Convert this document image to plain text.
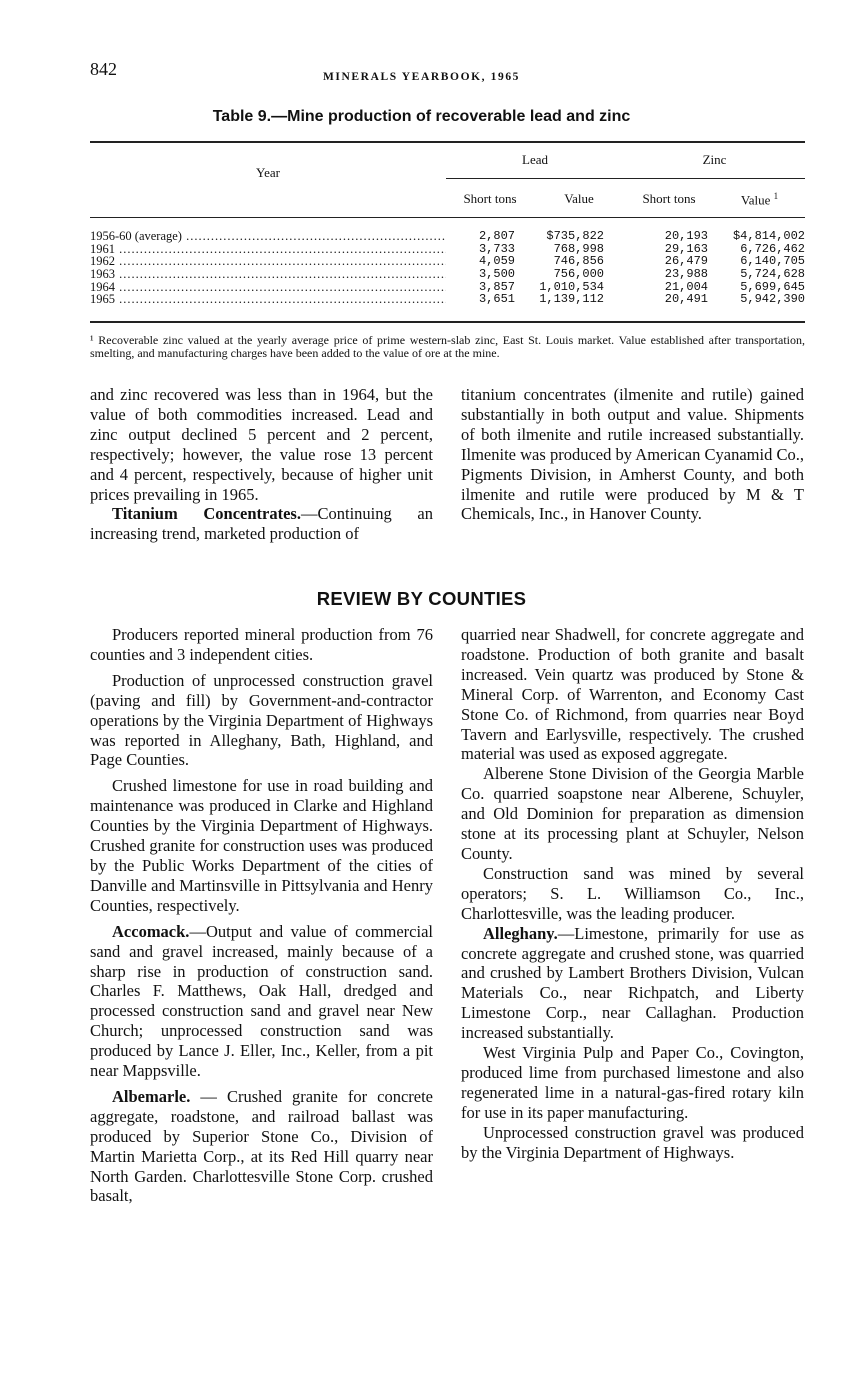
842	MINERALS YEARBOOK, 1965
Table 9.—Mine production of recoverable lead and zinc
Year
Lead	Zinc
Short tons	Value	Short tons	Value $^1$
1956-60 (average) .....	2,807	$735,822	20,193	$4,814,002
1961 .....	3,733	768,998	29,163	6,726,462
1962 .....	4,059	746,856	26,479	6,140,705
1963 .....	3,500	756,000	23,988	5,724,628
1964 .....	3,857	1,010,534	21,004	5,699,645
1965 .....	3,651	1,139,112	20,491	5,942,390
¹ Recoverable zinc valued at the yearly average price of prime western-slab zinc, East St. Louis market. Value established after transportation, smelting, and manufacturing charges have been added to the value of ore at the mine.

and zinc recovered was less than in 1964, but the value of both commodities increased. Lead and zinc output declined 5 percent and 2 percent, respectively; however, the value rose 13 percent and 4 percent, respectively, because of higher unit prices prevailing in 1965.

Titanium Concentrates.—Continuing an increasing trend, marketed production of

titanium concentrates (ilmenite and rutile) gained substantially in both output and value. Shipments of both ilmenite and rutile increased substantially. Ilmenite was produced by American Cyanamid Co., Pigments Division, in Amherst County, and both ilmenite and rutile were produced by M & T Chemicals, Inc., in Hanover County.

REVIEW BY COUNTIES

Producers reported mineral production from 76 counties and 3 independent cities.

Production of unprocessed construction gravel (paving and fill) by Government-and-contractor operations by the Virginia Department of Highways was reported in Alleghany, Bath, Highland, and Page Counties.

Crushed limestone for use in road building and maintenance was produced in Clarke and Highland Counties by the Virginia Department of Highways. Crushed granite for construction uses was produced by the Public Works Department of the cities of Danville and Martinsville in Pittsylvania and Henry Counties, respectively.

Accomack.—Output and value of commercial sand and gravel increased, mainly because of a sharp rise in production of construction sand. Charles F. Matthews, Oak Hall, dredged and processed construction sand and gravel near New Church; unprocessed construction sand was produced by Lance J. Eller, Inc., Keller, from a pit near Mappsville.

Albemarle. — Crushed granite for concrete aggregate, roadstone, and railroad ballast was produced by Superior Stone Co., Division of Martin Marietta Corp., at its Red Hill quarry near North Garden. Charlottesville Stone Corp. crushed basalt,

quarried near Shadwell, for concrete aggregate and roadstone. Production of both granite and basalt increased. Vein quartz was produced by Stone & Mineral Corp. of Warrenton, and Economy Cast Stone Co. of Richmond, from quarries near Boyd Tavern and Earlysville, respectively. The crushed material was used as exposed aggregate.

Alberene Stone Division of the Georgia Marble Co. quarried soapstone near Alberene, Schuyler, and Old Dominion for preparation as dimension stone at its processing plant at Schuyler, Nelson County.

Construction sand was mined by several operators; S. L. Williamson Co., Inc., Charlottesville, was the leading producer.

Alleghany.—Limestone, primarily for use as concrete aggregate and crushed stone, was quarried and crushed by Lambert Brothers Division, Vulcan Materials Co., near Richpatch, and Liberty Limestone Corp., near Callaghan. Production increased substantially.

West Virginia Pulp and Paper Co., Covington, produced lime from purchased limestone and also regenerated lime in a natural-gas-fired rotary kiln for use in its paper manufacturing.

Unprocessed construction gravel was produced by the Virginia Department of Highways.
